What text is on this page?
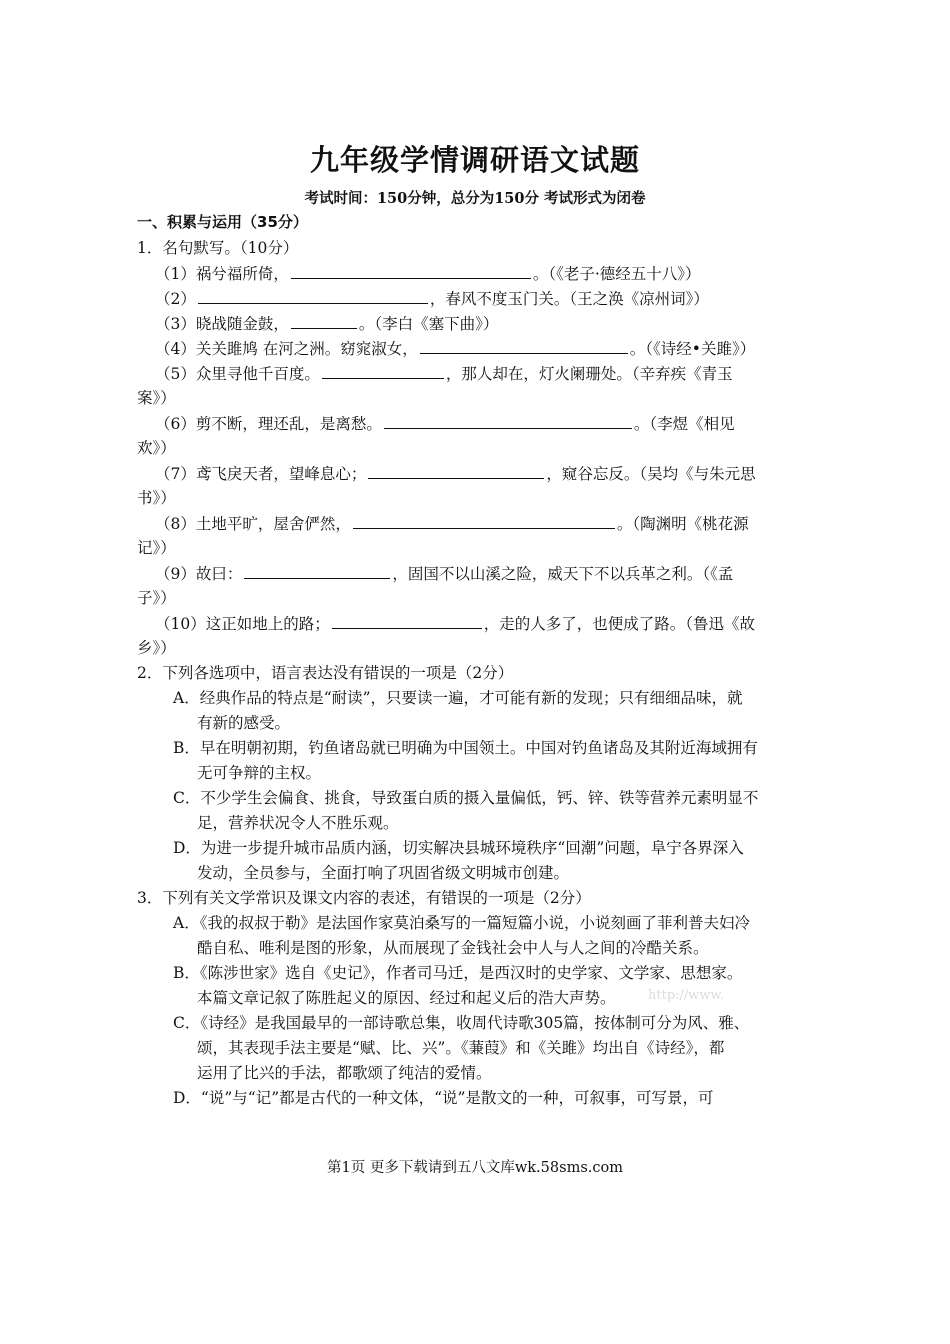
九年级学情调研语文试题
考试时间：150分钟，总分为150分 考试形式为闭卷
一、积累与运用（35分）
1．名句默写。（10分）
（1）祸兮福所倚，	。（《老子·德经五十八》）
（2）	，春风不度玉门关。（王之涣《凉州词》）
（3）晓战随金鼓，	。（李白《塞下曲》）
（4）关关雎鸠 在河之洲。窈窕淑女，	。（《诗经•关雎》）
（5）众里寻他千百度。	，那人却在，灯火阑珊处。（辛弃疾《青玉
案》）
（6）剪不断，理还乱，是离愁。	。（李煜《相见
欢》）
（7）鸢飞戾天者，望峰息心；	，窥谷忘反。（吴均《与朱元思
书》）
（8）土地平旷，屋舍俨然，	。（陶渊明《桃花源
记》）
（9）故曰：	，固国不以山溪之险，威天下不以兵革之利。（《孟
子》）
（10）这正如地上的路；	，走的人多了，也便成了路。（鲁迅《故
乡》）
2．下列各选项中，语言表达没有错误的一项是（2分）
A．经典作品的特点是“耐读”，只要读一遍，才可能有新的发现；只有细细品味，就
有新的感受。
B．早在明朝初期，钓鱼诸岛就已明确为中国领土。中国对钓鱼诸岛及其附近海域拥有
无可争辩的主权。
C．不少学生会偏食、挑食，导致蛋白质的摄入量偏低，钙、锌、铁等营养元素明显不
足，营养状况令人不胜乐观。
D．为进一步提升城市品质内涵，切实解决县城环境秩序“回潮”问题，阜宁各界深入
发动，全员参与，全面打响了巩固省级文明城市创建。
3．下列有关文学常识及课文内容的表述，有错误的一项是（2分）
A．《我的叔叔于勒》是法国作家莫泊桑写的一篇短篇小说，小说刻画了菲利普夫妇冷
酷自私、唯利是图的形象，从而展现了金钱社会中人与人之间的冷酷关系。
B．《陈涉世家》选自《史记》，作者司马迁，是西汉时的史学家、文学家、思想家。
本篇文章记叙了陈胜起义的原因、经过和起义后的浩大声势。
C．《诗经》是我国最早的一部诗歌总集，收周代诗歌305篇，按体制可分为风、雅、
颂，其表现手法主要是“赋、比、兴”。《蒹葭》和《关雎》均出自《诗经》，都
运用了比兴的手法，都歌颂了纯洁的爱情。
D．“说”与“记”都是古代的一种文体，“说”是散文的一种，可叙事，可写景，可
http://www.
第1页 更多下载请到五八文库wk.58sms.com
